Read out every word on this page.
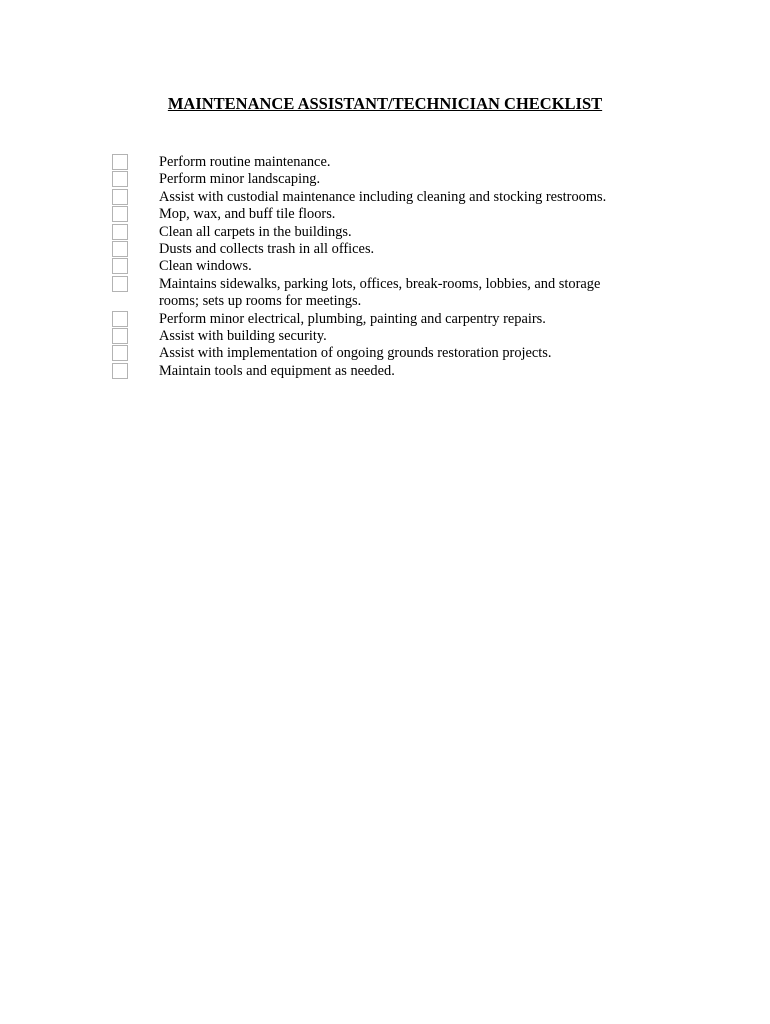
MAINTENANCE ASSISTANT/TECHNICIAN CHECKLIST
Perform routine maintenance.
Perform minor landscaping.
Assist with custodial maintenance including cleaning and stocking restrooms.
Mop, wax, and buff tile floors.
Clean all carpets in the buildings.
Dusts and collects trash in all offices.
Clean windows.
Maintains sidewalks, parking lots, offices, break-rooms, lobbies, and storage rooms; sets up rooms for meetings.
Perform minor electrical, plumbing, painting and carpentry repairs.
Assist with building security.
Assist with implementation of ongoing grounds restoration projects.
Maintain tools and equipment as needed.
